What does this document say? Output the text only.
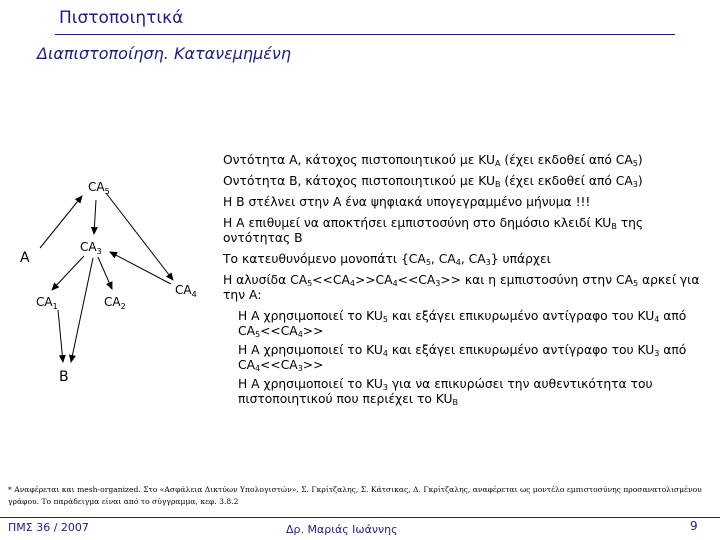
Πιστοποιητικά
Διαπιστοποίηση. Κατανεμημένη
$CA_5$
A
$CA_3$
$CA_4$
$CA_1$	$CA_2$
B

Οντότητα Α, κάτοχος πιστοποιητικού με $KU_A$ (έχει εκδοθεί από $CA_5$)

Οντότητα Β, κάτοχος πιστοποιητικού με $KU_B$ (έχει εκδοθεί από $CA_3$)

Η Β στέλνει στην Α ένα ψηφιακά υπογεγραμμένο μήνυμα !!!

Η Α επιθυμεί να αποκτήσει εμπιστοσύνη στο δημόσιο κλειδί $KU_B$ της οντότητας Β

Το κατευθυνόμενο μονοπάτι {$CA_5$, $CA_4$, $CA_3$} υπάρχει

Η αλυσίδα $CA_5<<CA_4>>CA_4<<CA_3>> \kappa\alpha\iota$ η εμπιστοσύνη στην $CA_5$ αρκεί για την Α:

Η Α χρησιμοποιεί το $KU_5$ και εξάγει επικυρωμένο αντίγραφο του $KU_4$ από $CA_5<<CA_4>>$

Η Α χρησιμοποιεί το $KU_4$ και εξάγει επικυρωμένο αντίγραφο του $KU_3$ από $CA_4<<CA_3>>$

Η Α χρησιμοποιεί το $KU_3$ για να επικυρώσει την αυθεντικότητα του πιστοποιητικού που περιέχει το $KU_B$

* Αναφέρεται και mesh-organized. Στο «Ασφάλεια Δικτύων Υπολογιστών», Σ. Γκρίτζαλης, Σ. Κάτσικας, Δ. Γκρίτζαλης, αναφέρεται ως μοντέλο εμπιστοσύνης προσανατολισμένου γράφου. Το παράδειγμα είναι από το σύγγραμμα, κεφ. 3.8.2
ΠΜΣ 36 / 2007	Δρ. Μαριάς Ιωάννης	9
